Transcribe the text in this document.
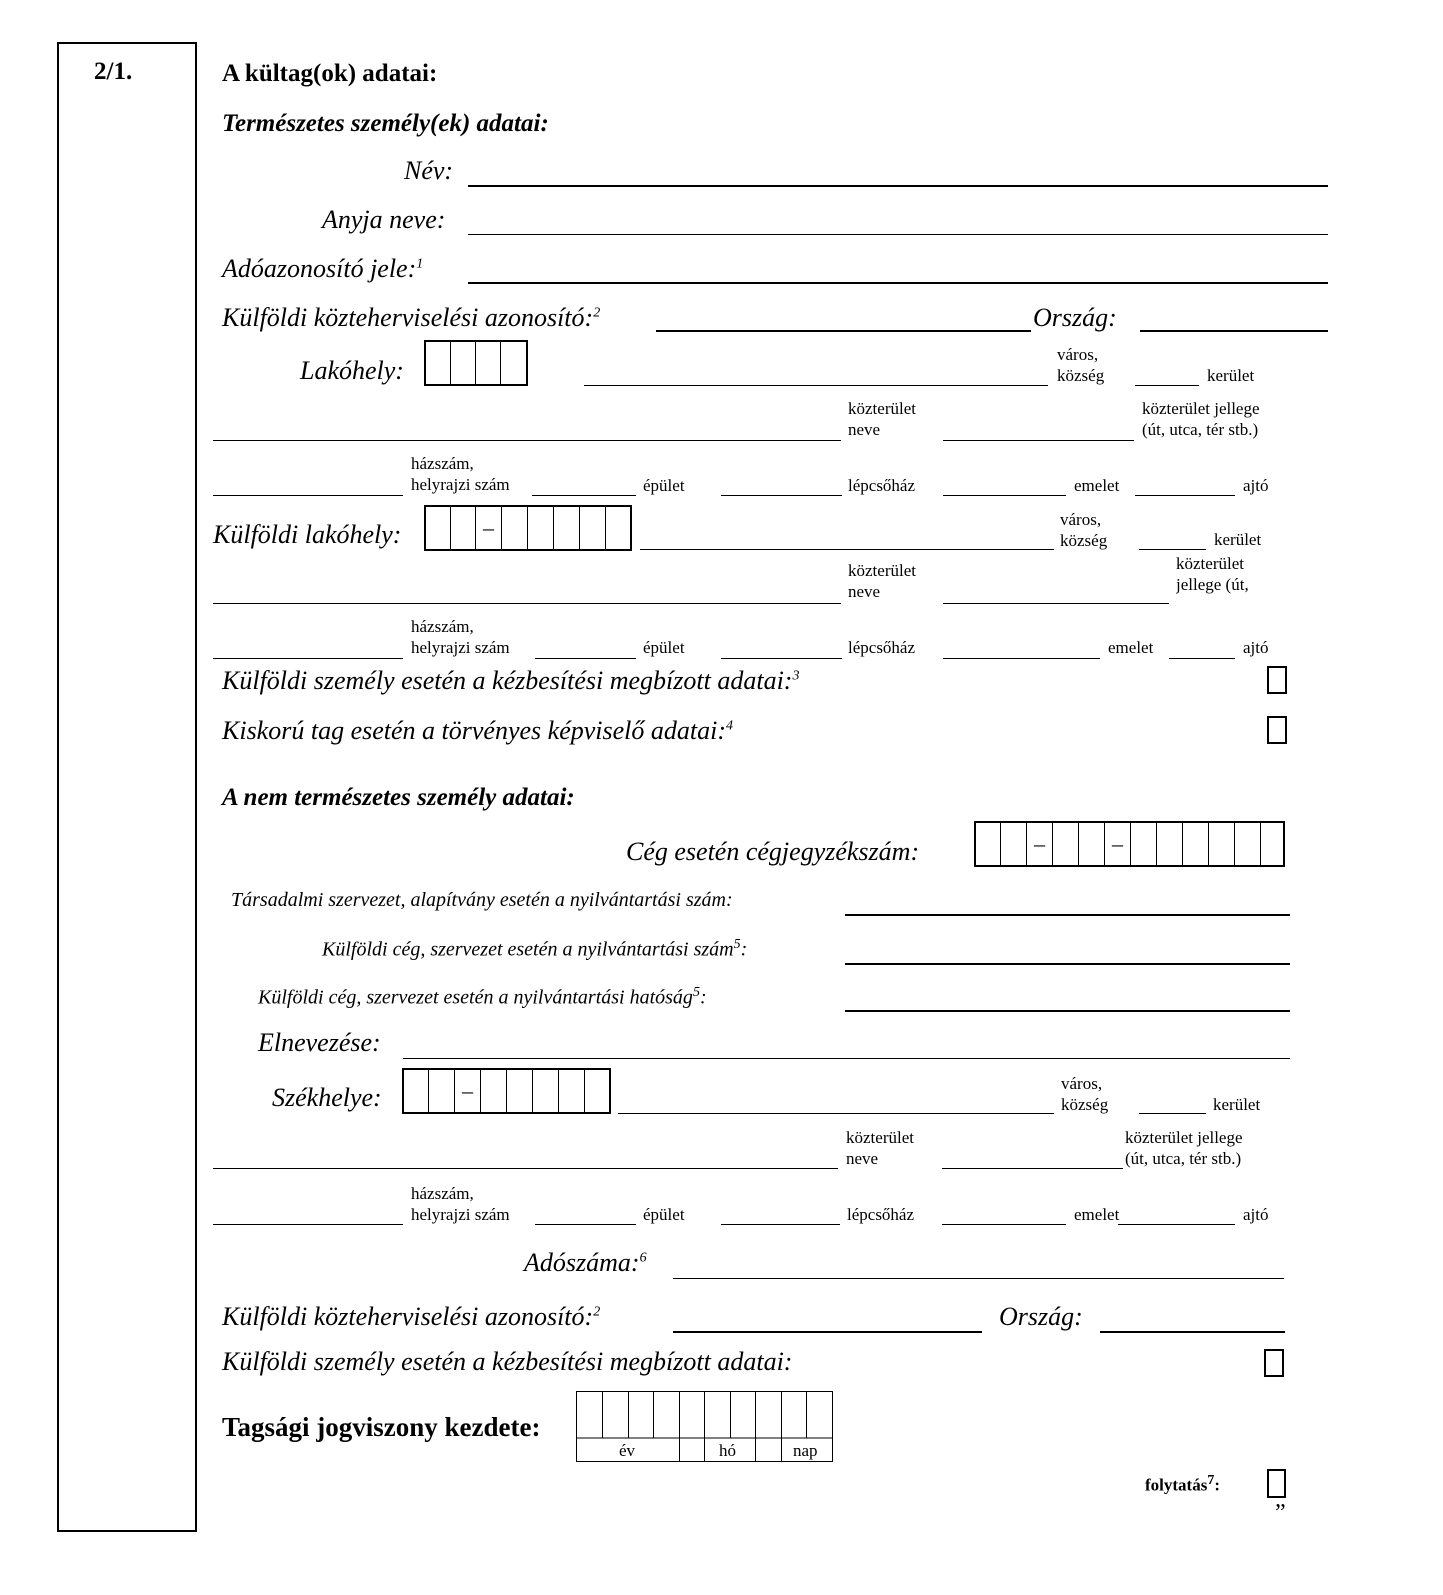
2/1.	A kültag(ok) adatai:
Természetes személy(ek) adatai:
Név:
Anyja neve:
Adóazonosító jele:$^1$
Külföldi közteherviselési azonosító:$^2$	Ország:
Lakóhely:
város,
község	kerület
közterület
neve
közterület jellege
(út, utca, tér stb.)
házszám,
helyrajzi szám	épület	lépcsőház	emelet	ajtó
Külföldi lakóhely:	–	város,
község	kerület
közterület
neve
közterület
jellege (út,
házszám,
helyrajzi szám	épület	lépcsőház	emelet	ajtó
Külföldi személy esetén a kézbesítési megbízott adatai:$^3$
Kiskorú tag esetén a törvényes képviselő adatai:$^4$
A nem természetes személy adatai:
Cég esetén cégjegyzékszám:	–	–
Társadalmi szervezet, alapítvány esetén a nyilvántartási szám:
Külföldi cég, szervezet esetén a nyilvántartási szám$^5$:
Külföldi cég, szervezet esetén a nyilvántartási hatóság$^5$:
Elnevezése:
Székhelye:	–	város,
község	kerület
közterület
neve
közterület jellege
(út, utca, tér stb.)
házszám,
helyrajzi szám	épület	lépcsőház	emelet	ajtó
Adószáma:$^6$
Külföldi közteherviselési azonosító:$^2$	Ország:
Külföldi személy esetén a kézbesítési megbízott adatai:
Tagsági jogviszony kezdete:
év	hó	nap
folytatás$^7$:
”
